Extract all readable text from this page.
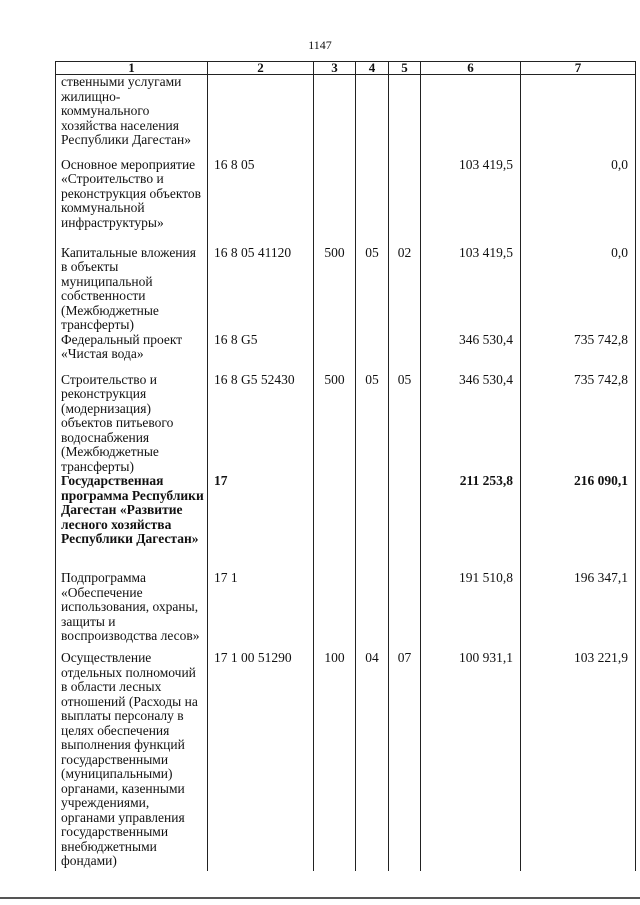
1147
1	2	3	4	5	6	7
ственными услугами жилищно-коммунального хозяйства населения Республики Дагестан»						
Основное мероприятие «Строительство и реконструкция объектов коммунальной инфраструктуры»	16 8 05				103 419,5	0,0
Капитальные вложения в объекты муниципальной собственности (Межбюджетные трансферты)	16 8 05 41120	500	05	02	103 419,5	0,0
Федеральный проект «Чистая вода»	16 8 G5				346 530,4	735 742,8
Строительство и реконструкция (модернизация) объектов питьевого водоснабжения (Межбюджетные трансферты)	16 8 G5 52430	500	05	05	346 530,4	735 742,8
Государственная программа Республики Дагестан «Развитие лесного хозяйства Республики Дагестан»	17				211 253,8	216 090,1
Подпрограмма «Обеспечение использования, охраны, защиты и воспроизводства лесов»	17 1				191 510,8	196 347,1
Осуществление отдельных полномочий в области лесных отношений (Расходы на выплаты персоналу в целях обеспечения выполнения функций государственными (муниципальными) органами, казенными учреждениями, органами управления государственными внебюджетными фондами)	17 1 00 51290	100	04	07	100 931,1	103 221,9
